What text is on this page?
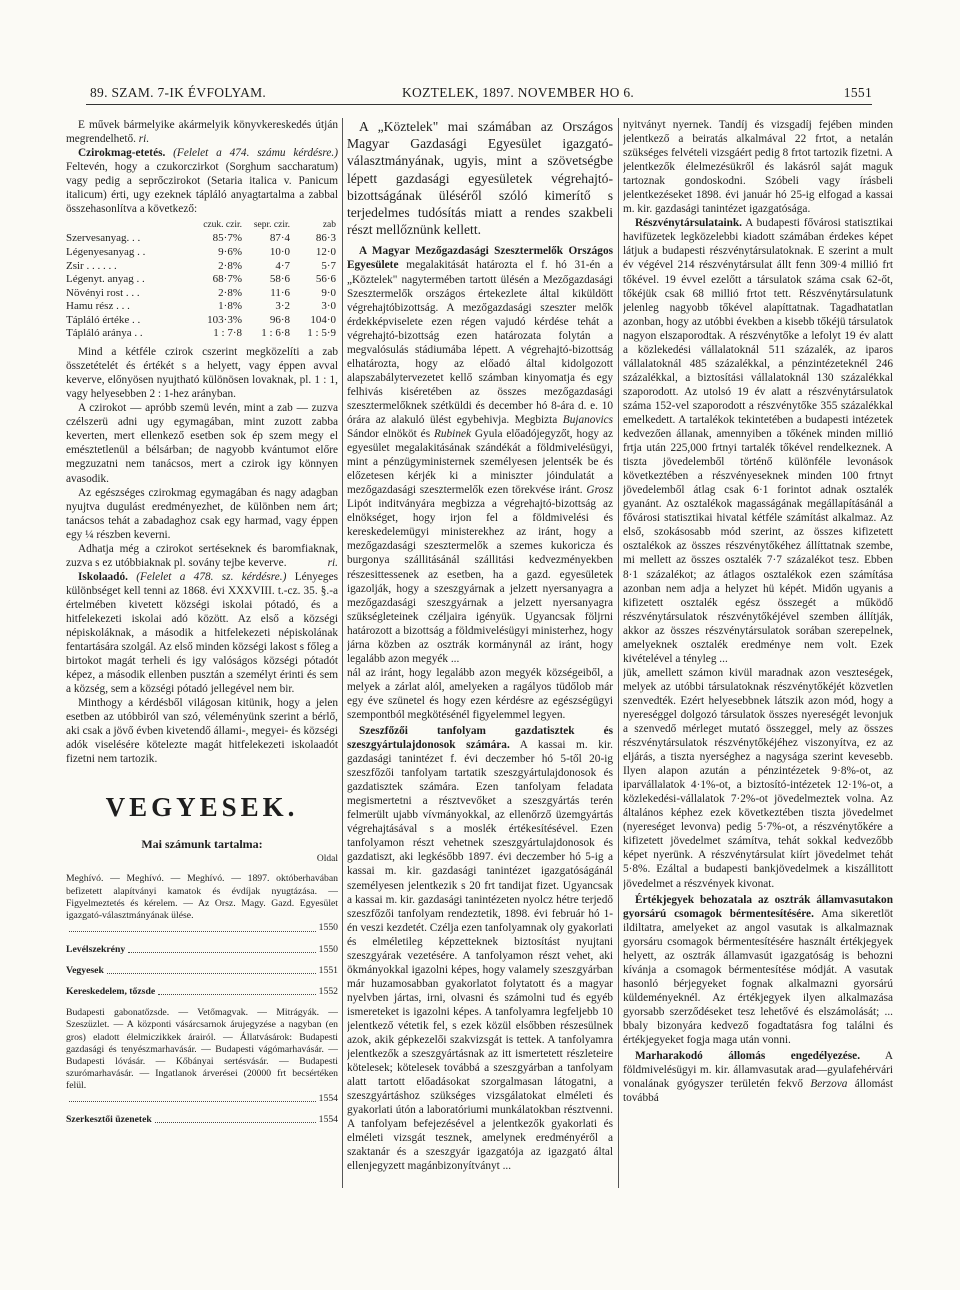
89. SZAM. 7-IK ÉVFOLYAM.	KOZTELEK, 1897. NOVEMBER HO 6.	1551

E művek bármelyike akármelyik könyvkereskedés útján megrendelhető. ri.

Czirokmag-etetés. (Felelet a 474. számu kérdésre.) Feltevén, hogy a czukorczirkot (Sorghum saccharatum) vagy pedig a seprőczirokot (Setaria italica v. Panicum italicum) érti, ugy ezeknek tápláló anyagtartalma a zabbal összehasonlítva a következő:

czuk. czir.	sepr. czir.	zab
Szervesanyag. . .	85·7%	87·4	86·3
Légenyesanyag . .	9·6%	10·0	12·0
Zsir . . . . . .	2·8%	4·7	5·7
Légenyt. anyag . .	68·7%	58·6	56·6
Növényi rost . . .	2·8%	11·6	9·0
Hamu rész . . .	1·8%	3·2	3·0
Tápláló értéke . .	103·3%	96·8	104·0
Tápláló aránya . .	1 : 7·8	1 : 6·8	1 : 5·9

Mind a kétféle czirok cszerint megközelíti a zab összetételét és értékét s a helyett, vagy éppen avval keverve, előnyösen nyujtható különösen lovaknak, pl. 1 : 1, vagy helyesebben 2 : 1-hez arányban.

A czirokot — apróbb szemü levén, mint a zab — zuzva czélszerü adni ugy egymagában, mint zuzott zabba keverten, mert ellenkező esetben sok ép szem megy el emésztetlenül a bélsárban; de nagyobb kvántumot előre megzuzatni nem tanácsos, mert a czirok igy könnyen avasodik.

Az egészséges czirokmag egymagában és nagy adagban nyujtva dugulást eredményezhet, de különben nem árt; tanácsos tehát a zabadaghoz csak egy harmad, vagy éppen egy ¼ részben keverni.

Adhatja még a czirokot sertéseknek és baromfiaknak, zuzva s ez utóbbiaknak pl. sovány tejbe keverve.	ri.

Iskolaadó. (Felelet a 478. sz. kérdésre.) Lényeges különbséget kell tenni az 1868. évi XXXVIII. t.-cz. 35. §.-a értelmében kivetett községi iskolai pótadó, és a hitfelekezeti iskolai adó között. Az első a községi népiskoláknak, a második a hitfelekezeti népiskolának fentartására szolgál. Az első minden községi lakost s főleg a birtokot magát terheli és igy valóságos községi pótadót képez, a második ellenben pusztán a személyt érinti és sem a község, sem a községi pótadó jellegével nem bir.

Minthogy a kérdésből világosan kitünik, hogy a jelen esetben az utóbbiról van szó, véleményünk szerint a bérlő, aki csak a jövő évben kivetendő állami-, megyei- és községi adók viselésére kötelezte magát hitfelekezeti iskolaadót fizetni nem tartozik.

VEGYESEK.
Mai számunk tartalma:
Oldal

Meghívó. — Meghívó. — Meghívó. — 1897. októberhavában befizetett alapítványi kamatok és évdíjak nyugtázása. — Figyelmeztetés és kérelem. — Az Orsz. Magy. Gazd. Egyesület igazgató-választmányának ülése.

1550
Levélszekrény	1550
Vegyesek	1551
Kereskedelem, tőzsde	1552

Budapesti gabonatőzsde. — Vetőmagvak. — Mitrágyák. — Szeszüzlet. — A központi vásárcsarnok árujegyzése a nagyban (en gros) eladott élelmiczikkek árairól. — Állatvásárok: Budapesti gazdasági és tenyészmarhavásár. — Budapesti vágómarhavásár. — Budapesti lóvásár. — Kőbányai sertésvásár. — Budapesti szurómarhavásár. — Ingatlanok árverései (20000 frt becsértéken felül.

1554
Szerkesztői üzenetek	1554

A „Köztelek" mai számában az Országos Magyar Gazdasági Egyesület igazgató-választmányának, ugyis, mint a szövetségbe lépett gazdasági egyesületek végrehajtó-bizottságának üléséről szóló kimerítő s terjedelmes tudósítás miatt a rendes szakbeli részt mellőznünk kellett.

A Magyar Mezőgazdasági Szesztermelők Országos Egyesülete megalakitását határozta el f. hó 31-én a „Köztelek" nagytermében tartott ülésén a Mezőgazdasági Szesztermelők országos értekezlete által kiküldött végrehajtóbizottság. A mezőgazdasági szeszter melők érdekképviselete ezen régen vajudó kérdése tehát a végrehajtó-bizottság ezen határozata folytán a megvalósulás stádiumába lépett. A végrehajtó-bizottság elhatározta, hogy az előadó által kidolgozott alapszabálytervezetet kellő számban kinyomatja és egy felhivás kiséretében az összes mezőgazdasági szesztermelőknek szétküldi és december hó 8-ára d. e. 10 órára az alakuló ülést egybehivja. Megbizta Bujanovics Sándor elnököt és Rubinek Gyula előadójegyzőt, hogy az egyesület megalakitásának szándékát a földmivelésügyi, mint a pénzügyministernek személyesen jelentsék be és előzetesen kérjék ki a miniszter jóindulatát a mezőgazdasági szesztermelők ezen törekvése iránt. Grosz Lipót inditványára megbizza a végrehajtó-bizottság az elnökséget, hogy irjon fel a földmivelési és kereskedelemügyi ministerekhez az iránt, hogy a mezőgazdasági szesztermelők a szemes kukoricza és burgonya szállitásánál szállitási kedvezményekben részesittessenek az esetben, ha a gazd. egyesületek igazolják, hogy a szeszgyárnak a jelzett nyersanyagra a mezőgazdasági szeszgyárnak a jelzett nyersanyagra szükségleteinek czéljaira igényük. Ugyancsak följrni határozott a bizottság a földmivelésügyi ministerhez, hogy járna közben az osztrák kormánynál az iránt, hogy legalább azon megyék ...

nál az iránt, hogy legalább azon megyék községeiből, a melyek a zárlat alól, amelyeken a ragályos tüdőlob már egy éve szünetel és hogy ezen kérdésre az egészségügyi szempontból megkötésénél figyelemmel legyen.

Szeszfőzői tanfolyam gazdatisztek és szeszgyártulajdonosok számára. A kassai m. kir. gazdasági tanintézet f. évi deczember hó 5-től 20-ig szeszfőzői tanfolyam tartatik szeszgyártulajdonosok és gazdatisztek számára. Ezen tanfolyam feladata megismertetni a résztvevőket a szeszgyártás terén felmerült ujabb vívmányokkal, az ellenőrző üzemgyártás végrehajtásával s a moslék értékesítésével. Ezen tanfolyamon részt vehetnek szeszgyártulajdonosok és gazdatiszt, aki legkésőbb 1897. évi deczember hó 5-ig a kassai m. kir. gazdasági tanintézet igazgatóságánál személyesen jelentkezik s 20 frt tandijat fizet. Ugyancsak a kassai m. kir. gazdasági tanintézeten nyolcz hétre terjedő szeszfőzői tanfolyam rendeztetik, 1898. évi február hó 1-én veszi kezdetét. Czélja ezen tanfolyamnak oly gyakorlati és elméletileg képzetteknek biztosítást nyujtani szeszgyárak vezetésére. A tanfolyamon részt vehet, aki ökmányokkal igazolni képes, hogy valamely szeszgyárban már huzamosabban gyakorlatot folytatott és a magyar nyelvben jártas, irni, olvasni és számolni tud és egyéb ismereteket is igazolni képes. A tanfolyamra legfeljebb 10 jelentkező vétetik fel, s ezek közül elsőbben részesülnek azok, akik gépkezelői szakvizsgát is tettek. A tanfolyamra jelentkezők a szeszgyártásnak az itt ismertetett részleteire kötelesek; kötelesek továbbá a szeszgyárban a tanfolyam alatt tartott előadásokat szorgalmasan látogatni, a szeszgyártáshoz szükséges vizsgálatokat elméleti és gyakorlati útón a laboratóriumi munkálatokban résztvenni. A tanfolyam befejezésével a jelentkezők gyakorlati és elméleti vizsgát tesznek, amelynek eredményéről a szaktanár és a szeszgyár igazgatója az igazgató által ellenjegyzett magánbizonyítványt ...

nyitványt nyernek. Tandíj és vizsgadíj fejében minden jelentkező a beiratás alkalmával 22 frtot, a netalán szükséges felvételi vizsgáért pedig 8 frtot tartozik fizetni. A jelentkezők élelmezésükről és lakásról saját maguk tartoznak gondoskodni. Szóbeli vagy írásbeli jelentkezéseket 1898. évi január hó 25-ig elfogad a kassai m. kir. gazdasági tanintézet igazgatósága.

Részvénytársulataink. A budapesti fővárosi statisztikai havifüzetek legközelebbi kiadott számában érdekes képet látjuk a budapesti részvénytársulatoknak. E szerint a mult év végével 214 részvénytársulat állt fenn 309·4 millió frt tőkével. 19 évvel ezelőtt a társulatok száma csak 62-őt, tőkéjük csak 68 millió frtot tett. Részvénytársulatunk jelenleg nagyobb tőkével alapíttatnak. Tagadhatatlan azonban, hogy az utóbbi években a kisebb tőkéjü társulatok nagyon elszaporodtak. A részvénytőke a lefolyt 19 év alatt a közlekedési vállalatoknál 511 százalék, az iparos vállalatoknál 485 százalékkal, a pénzintézeteknél 246 százalékkal, a biztosítási vállalatoknál 130 százalékkal szaporodott. Az utolsó 19 év alatt a részvénytársulatok száma 152-vel szaporodott a részvénytőke 355 százalékkal emelkedett. A tartalékok tekintetében a budapesti intézetek kedvezően állanak, amennyiben a tőkének minden millió frtja után 225,000 frtnyi tartalék tőkével rendelkeznek. A tiszta jövedelemből történő különféle levonások következtében a részvényeseknek minden 100 frtnyt jövedelemből átlag csak 6·1 forintot adnak osztalék gyanánt. Az osztalékok magasságának megállapításánál a fővárosi statisztikai hivatal kétféle számítást alkalmaz. Az első, szokásosabb mód szerint, az összes kifizetett osztalékok az összes részvénytőkéhez állíttatnak szembe, mi mellett az összes osztalék 7·7 százalékot tesz. Ebben 8·1 százalékot; az átlagos osztalékok ezen számítása azonban nem adja a helyzet hü képét. Midőn ugyanis a kifizetett osztalék egész összegét a működő részvénytársulatok részvénytőkéjével szemben állítják, akkor az összes részvénytársulatok sorában szerepelnek, amelyeknek osztalék eredménye nem volt. Ezek kivételével a tényleg ...

jük, amellett számon kivül maradnak azon veszteségek, melyek az utóbbi társulatoknak részvénytőkéjét közvetlen szenvedték. Ezért helyesebbnek látszik azon mód, hogy a nyereséggel dolgozó társulatok összes nyereségét levonjuk a szenvedő mérleget mutató összeggel, mely az összes részvénytársulatok részvénytőkéjéhez viszonyítva, ez az eljárás, a tiszta nyerséghez a nagysága szerint kevesebb. Ilyen alapon azután a pénzintézetek 9·8%-ot, az iparvállalatok 4·1%-ot, a biztosító-intézetek 12·1%-ot, a közlekedési-vállalatok 7·2%-ot jövedelmeztek volna. Az általános képhez ezek következtében tiszta jövedelmet (nyereséget levonva) pedig 5·7%-ot, a részvénytőkére a kifizetett jövedelmet számítva, tehát sokkal kedvezőbb képet nyerünk. A részvénytársulat kiírt jövedelmet tehát 5·8%. Ezáltal a budapesti bankjövedelmek a kiszállitott jövedelmet a részvények kivonat.

Értékjegyek behozatala az osztrák államvasutakon gyorsárú csomagok bérmentesítésére. Ama sikeretlöt ildiltatra, amelyeket az angol vasutak is alkalmaznak gyorsáru csomagok bérmentesítésére használt értékjegyek helyett, az osztrák államvasút igazgatóság is behozni kívánja a csomagok bérmentesítése módját. A vasutak hasonló bérjegyeket fognak alkalmazni gyorsárú küldeményeknél. Az értékjegyek ilyen alkalmazása gyorsabb szerződéseket tesz lehetővé és elszámolását; ... bbaly bizonyára kedvező fogadtatásra fog találni és értékjegyeket fogja maga után vonni.

Marharakodó állomás engedélyezése. A földmivelésügyi m. kir. államvasutak arad—gyulafehérvári vonalának gyógyszer területén fekvő Berzova állomást továbbá
